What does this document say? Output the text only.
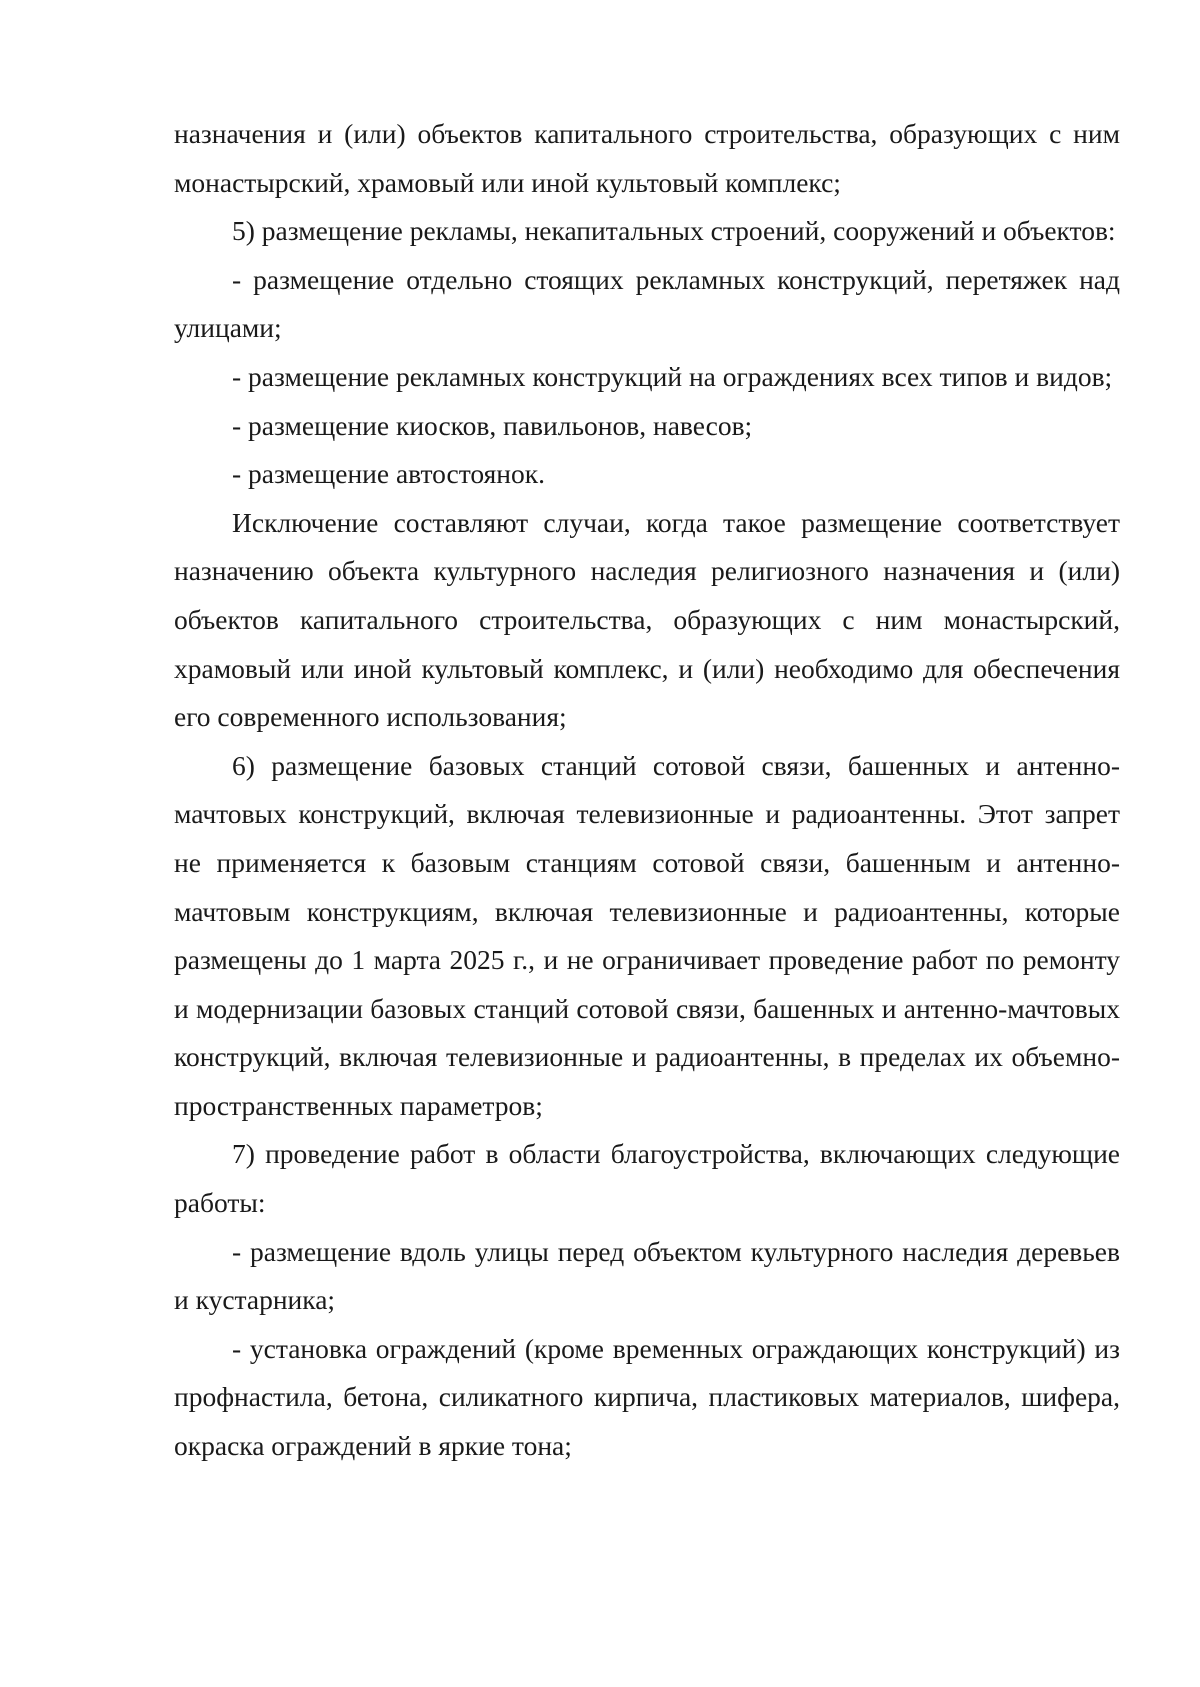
назначения и (или) объектов капитального строительства, образующих с ним монастырский, храмовый или иной культовый комплекс;

5) размещение рекламы, некапитальных строений, сооружений и объектов:

- размещение отдельно стоящих рекламных конструкций, перетяжек над улицами;

- размещение рекламных конструкций на ограждениях всех типов и видов;

- размещение киосков, павильонов, навесов;

- размещение автостоянок.

Исключение составляют случаи, когда такое размещение соответствует назначению объекта культурного наследия религиозного назначения и (или) объектов капитального строительства, образующих с ним монастырский, храмовый или иной культовый комплекс, и (или) необходимо для обеспечения его современного использования;

6) размещение базовых станций сотовой связи, башенных и антенно-мачтовых конструкций, включая телевизионные и радиоантенны. Этот запрет не применяется к базовым станциям сотовой связи, башенным и антенно-мачтовым конструкциям, включая телевизионные и радиоантенны, которые размещены до 1 марта 2025 г., и не ограничивает проведение работ по ремонту и модернизации базовых станций сотовой связи, башенных и антенно-мачтовых конструкций, включая телевизионные и радиоантенны, в пределах их объемно- пространственных параметров;

7) проведение работ в области благоустройства, включающих следующие работы:

- размещение вдоль улицы перед объектом культурного наследия деревьев и кустарника;

- установка ограждений (кроме временных ограждающих конструкций) из профнастила, бетона, силикатного кирпича, пластиковых материалов, шифера, окраска ограждений в яркие тона;
